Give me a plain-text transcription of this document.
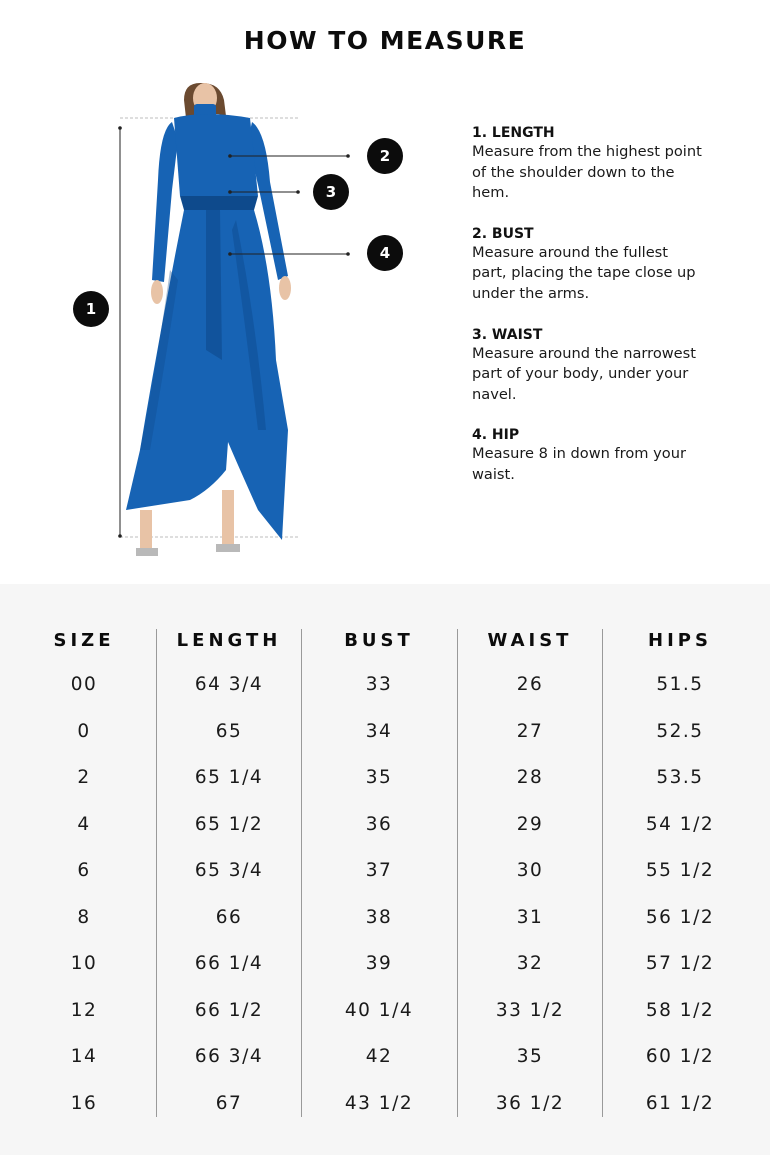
HOW TO MEASURE
1
2
3
4
1. LENGTH
Measure from the highest point
of the shoulder down to the
hem.
2. BUST
Measure around the fullest
part, placing the tape close up
under the arms.
3. WAIST
Measure around the narrowest
part of your body, under your
navel.
4. HIP
Measure 8 in down from your
waist.
SIZE	LENGTH	BUST	WAIST	HIPS
00	64 3/4	33	26	51.5
0	65	34	27	52.5
2	65 1/4	35	28	53.5
4	65 1/2	36	29	54 1/2
6	65 3/4	37	30	55 1/2
8	66	38	31	56 1/2
10	66 1/4	39	32	57 1/2
12	66 1/2	40 1/4	33 1/2	58 1/2
14	66 3/4	42	35	60 1/2
16	67	43 1/2	36 1/2	61 1/2
